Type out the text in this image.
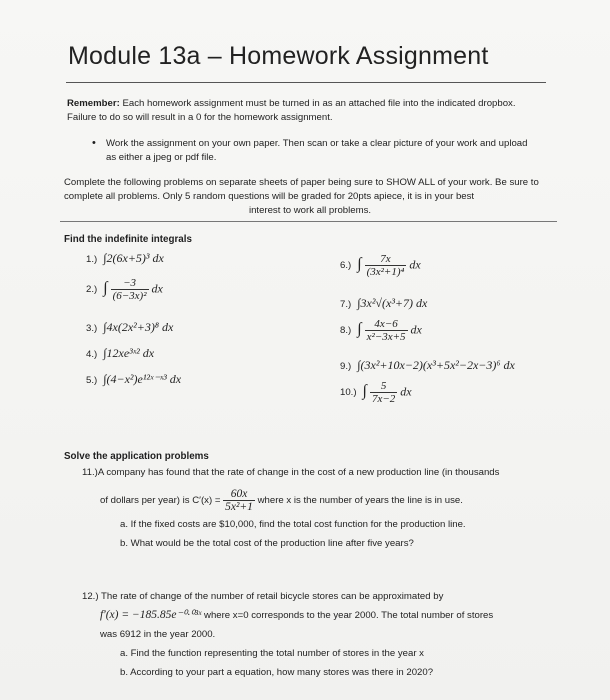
Module 13a – Homework Assignment
Remember: Each homework assignment must be turned in as an attached file into the indicated dropbox. Failure to do so will result in a 0 for the homework assignment.
• Work the assignment on your own paper. Then scan or take a clear picture of your work and upload as either a jpeg or pdf file.
Complete the following problems on separate sheets of paper being sure to SHOW ALL of your work. Be sure to complete all problems. Only 5 random questions will be graded for 20pts apiece, it is in your best
interest to work all problems.
Find the indefinite integrals
1.) ∫2(6x+5)³ dx
2.) ∫ $\frac{-3}{\text{(6−3x)²}}$ dx
3.) ∫4x(2x²+3)⁸ dx
4.) ∫12xe³ˣ² dx
5.) ∫(4−x²)e¹²ˣ⁻ˣ³ dx
6.) ∫ $\frac{7x}{\text{(3x²+1)⁴}}$ dx
7.) ∫3x²√(x³+7) dx
8.) ∫ $\frac{4x-6}{\text{x²−3x+5}}$ dx
9.) ∫(3x²+10x−2)(x³+5x²−2x−3)⁶ dx
10.) ∫ $\frac{5}{7x-2}$ dx
Solve the application problems
11.)A company has found that the rate of change in the cost of a new production line (in thousands
of dollars per year) is $C'(x) = \frac{60x}{\text{5x²+1}}$ where x is the number of years the line is in use.
a. If the fixed costs are $10,000, find the total cost function for the production line.
b. What would be the total cost of the production line after five years?
12.) The rate of change of the number of retail bicycle stores can be approximated by
f′(x) = −185.85e⁻⁰·⁰³ˣ where x=0 corresponds to the year 2000. The total number of stores
was 6912 in the year 2000.
a. Find the function representing the total number of stores in the year x
b. According to your part a equation, how many stores was there in 2020?
